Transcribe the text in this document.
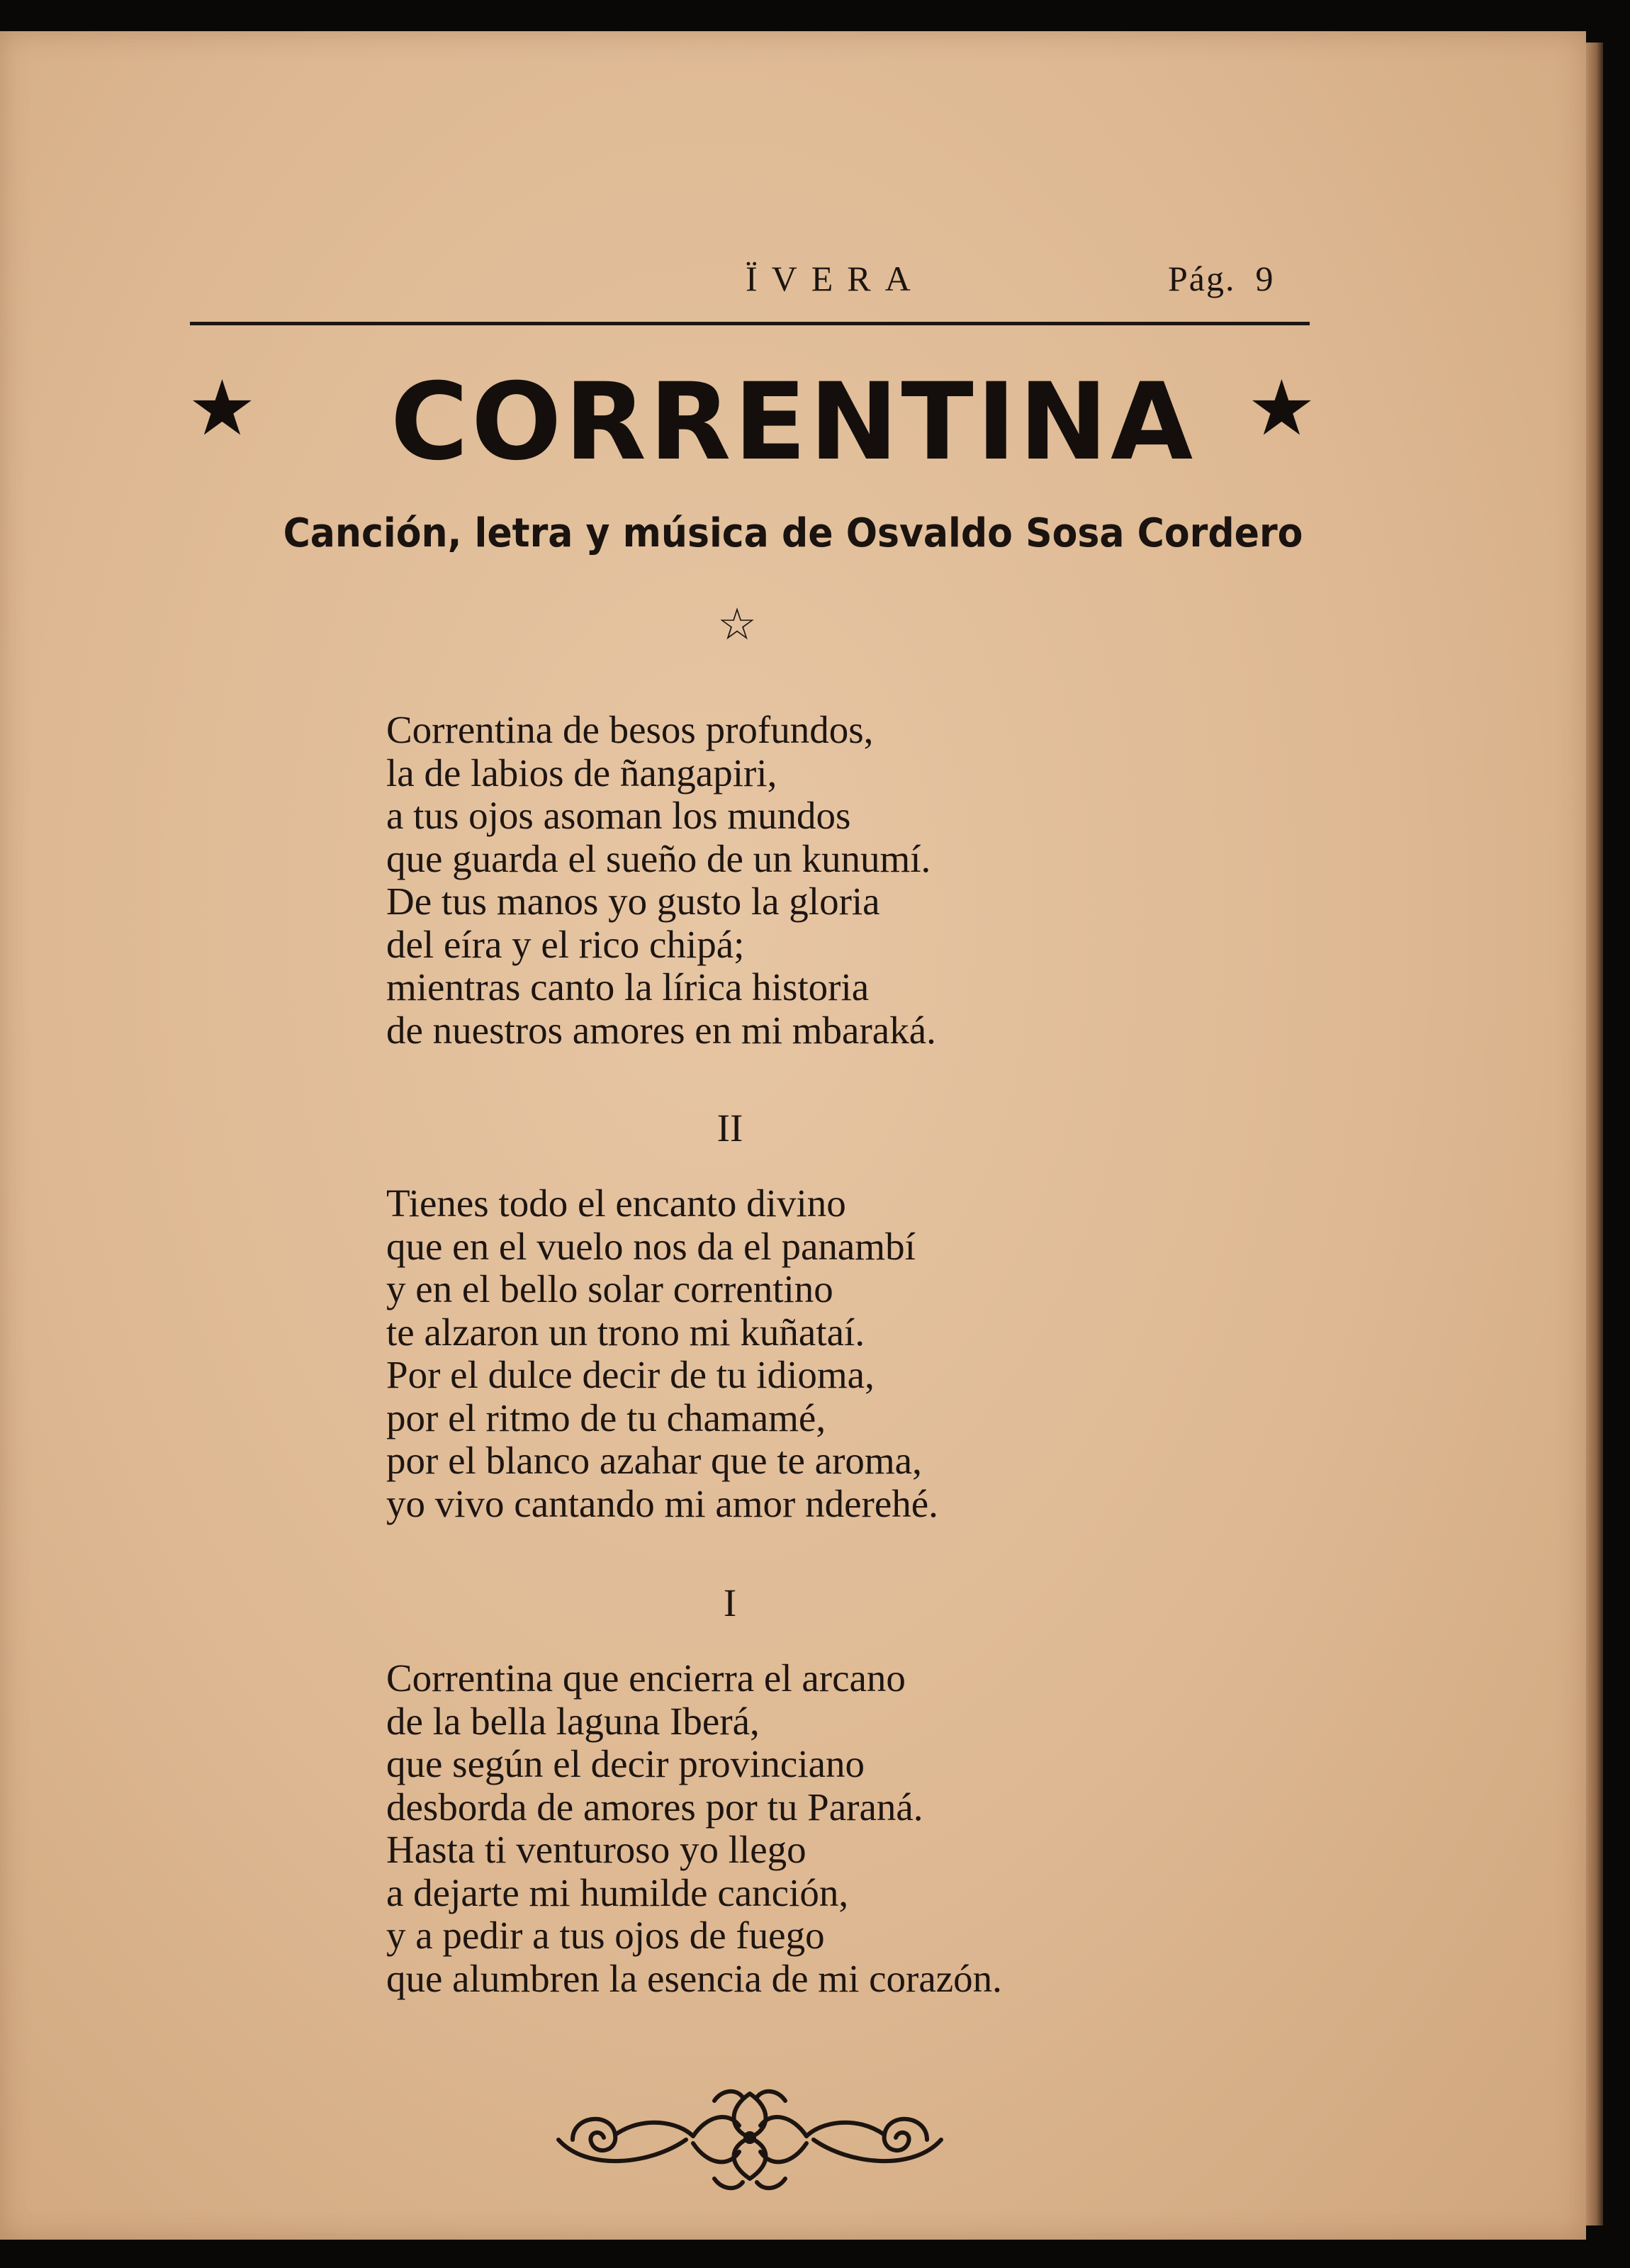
ÏVERA	Pág. 9
★	CORRENTINA ★
Canción, letra y música de Osvaldo Sosa Cordero
☆
Correntina de besos profundos,
la de labios de ñangapiri,
a tus ojos asoman los mundos
que guarda el sueño de un kunumí.
De tus manos yo gusto la gloria
del eíra y el rico chipá;
mientras canto la lírica historia
de nuestros amores en mi mbaraká.
II
Tienes todo el encanto divino
que en el vuelo nos da el panambí
y en el bello solar correntino
te alzaron un trono mi kuñataí.
Por el dulce decir de tu idioma,
por el ritmo de tu chamamé,
por el blanco azahar que te aroma,
yo vivo cantando mi amor nderehé.
I
Correntina que encierra el arcano
de la bella laguna Iberá,
que según el decir provinciano
desborda de amores por tu Paraná.
Hasta ti venturoso yo llego
a dejarte mi humilde canción,
y a pedir a tus ojos de fuego
que alumbren la esencia de mi corazón.
